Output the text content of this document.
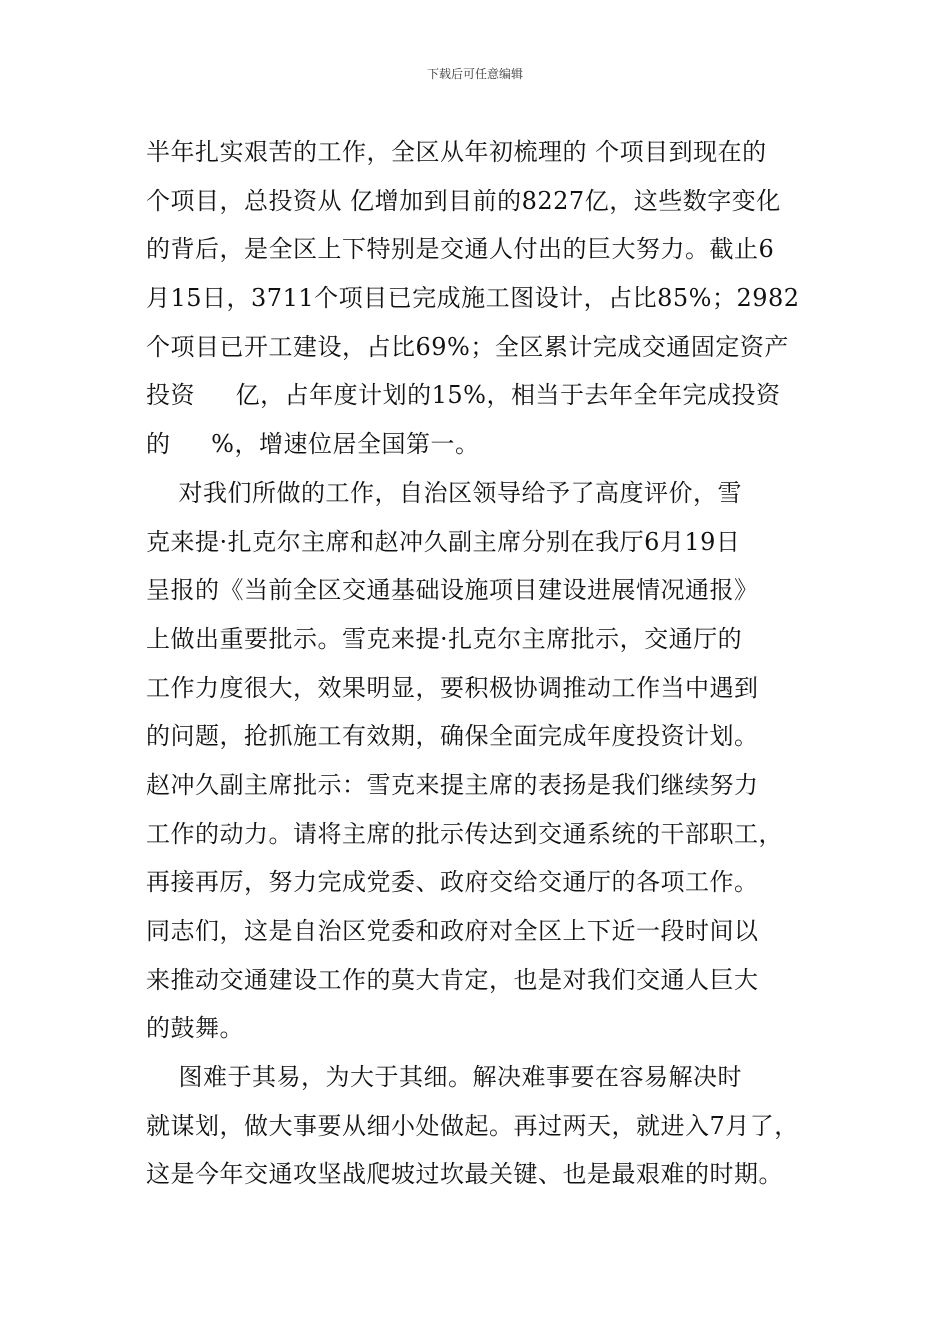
下载后可任意编辑
半年扎实艰苦的工作，全区从年初梳理的 个项目到现在的
个项目，总投资从 亿增加到目前的8227亿，这些数字变化
的背后，是全区上下特别是交通人付出的巨大努力。截止6
月15日，3711个项目已完成施工图设计，占比85%；2982
个项目已开工建设，占比69%；全区累计完成交通固定资产
投资     亿，占年度计划的15%，相当于去年全年完成投资
的     %，增速位居全国第一。
对我们所做的工作，自治区领导给予了高度评价，雪
克来提·扎克尔主席和赵冲久副主席分别在我厅6月19日
呈报的《当前全区交通基础设施项目建设进展情况通报》
上做出重要批示。雪克来提·扎克尔主席批示，交通厅的
工作力度很大，效果明显，要积极协调推动工作当中遇到
的问题，抢抓施工有效期，确保全面完成年度投资计划。
赵冲久副主席批示：雪克来提主席的表扬是我们继续努力
工作的动力。请将主席的批示传达到交通系统的干部职工，
再接再厉，努力完成党委、政府交给交通厅的各项工作。
同志们，这是自治区党委和政府对全区上下近一段时间以
来推动交通建设工作的莫大肯定，也是对我们交通人巨大
的鼓舞。
图难于其易，为大于其细。解决难事要在容易解决时
就谋划，做大事要从细小处做起。再过两天，就进入7月了，
这是今年交通攻坚战爬坡过坎最关键、也是最艰难的时期。
